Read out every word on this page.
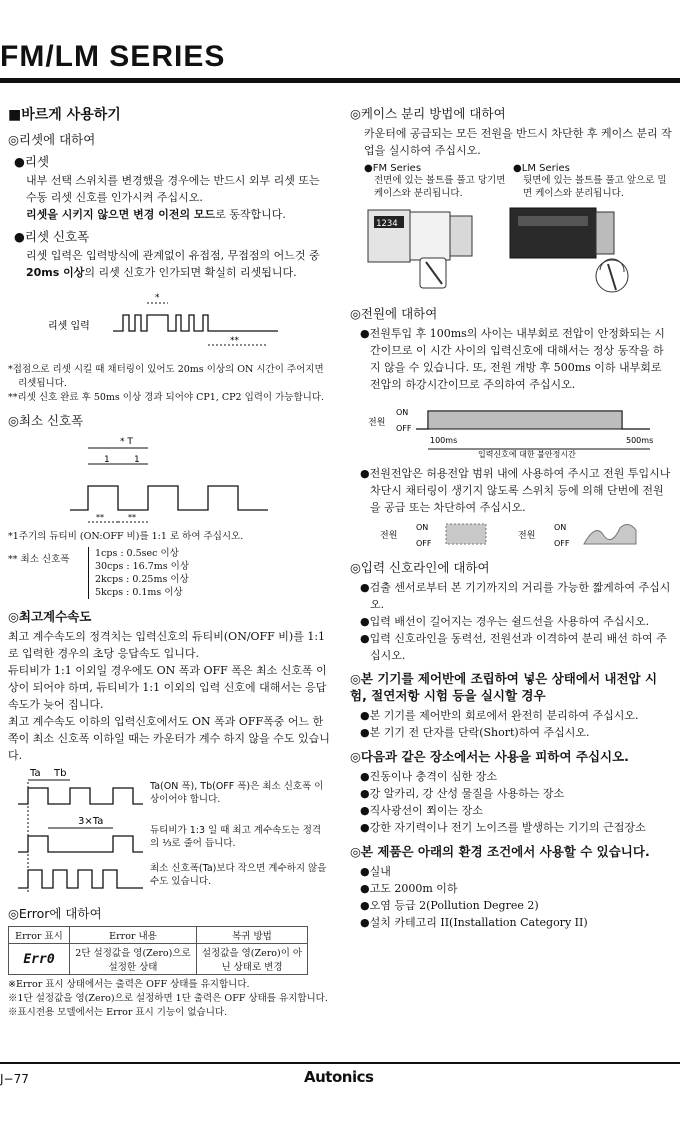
FM/LM SERIES
■바르게 사용하기
◎리셋에 대하여
●리셋
내부 선택 스위치를 변경했을 경우에는 반드시 외부 리셋 또는 수동 리셋 신호를 인가시켜 주십시오.
리셋을 시키지 않으면 변경 이전의 모드로 동작합니다.
●리셋 신호폭
리셋 입력은 입력방식에 관계없이 유접점, 무접점의 어느것 중 20ms 이상의 리셋 신호가 인가되면 확실히 리셋됩니다.
리셋 입력
*
**
*접점으로 리셋 시킬 때 채터링이 있어도 20ms 이상의 ON 시간이 주어지면 리셋됩니다.
**리셋 신호 완료 후 50ms 이상 경과 되어야 CP1, CP2 입력이 가능합니다.
◎최소 신호폭
* T
1	1
**	**
*1주기의 듀티비 (ON:OFF 비)를 1:1 로 하여 주십시오.
** 최소 신호폭
1cps : 0.5sec 이상
30cps : 16.7ms 이상
2kcps : 0.25ms 이상
5kcps : 0.1ms 이상
◎최고계수속도
최고 계수속도의 정격치는 입력신호의 듀티비(ON/OFF 비)를 1:1로 입력한 경우의 초당 응답속도 입니다.
듀티비가 1:1 이외일 경우에도 ON 폭과 OFF 폭은 최소 신호폭 이상이 되어야 하며, 듀티비가 1:1 이외의 입력 신호에 대해서는 응답속도가 늦어 집니다.
최고 계수속도 이하의 입력신호에서도 ON 폭과 OFF폭중 어느 한쪽이 최소 신호폭 이하일 때는 카운터가 계수 하지 않을 수도 있습니다.
Ta Tb
3×Ta
Ta(ON 폭), Tb(OFF 폭)은 최소 신호폭 이상이어야 합니다.
듀티비가 1:3 일 때 최고 계수속도는 정격의 ⅓로 줄어 듭니다.
최소 신호폭(Ta)보다 작으면 계수하지 않을 수도 있습니다.
◎Error에 대하여
Error 표시	Error 내용	복귀 방법
Err0	2단 설정값을 영(Zero)으로 설정한 상태	설정값을 영(Zero)이 아닌 상태로 변경
※Error 표시 상태에서는 출력은 OFF 상태를 유지합니다.
※1단 설정값을 영(Zero)으로 설정하면 1단 출력은 OFF 상태를 유지합니다.
※표시전용 모델에서는 Error 표시 기능이 없습니다.
◎케이스 분리 방법에 대하여
카운터에 공급되는 모든 전원을 반드시 차단한 후 케이스 분리 작업을 실시하여 주십시오.
●FM Series
전면에 있는 볼트를 풀고 당기면 케이스와 분리됩니다.
●LM Series
뒷면에 있는 볼트를 풀고 앞으로 밀면 케이스와 분리됩니다.
1234
◎전원에 대하여
●전원투입 후 100ms의 사이는 내부회로 전압이 안정화되는 시간이므로 이 시간 사이의 입력신호에 대해서는 정상 동작을 하지 않을 수 있습니다. 또, 전원 개방 후 500ms 이하 내부회로 전압의 하강시간이므로 주의하여 주십시오.
전원
ON
OFF
100ms	500ms
입력신호에 대한 불안정시간
●전원전압은 허용전압 범위 내에 사용하여 주시고 전원 투입시나 차단시 채터링이 생기지 않도록 스위치 등에 의해 단번에 전원을 공급 또는 차단하여 주십시오.
전원
ON
OFF
전원
ON
OFF
◎입력 신호라인에 대하여
●검출 센서로부터 본 기기까지의 거리를 가능한 짧게하여 주십시오.
●입력 배선이 길어지는 경우는 쉴드선을 사용하여 주십시오.
●입력 신호라인을 동력선, 전원선과 이격하여 분리 배선 하여 주십시오.
◎본 기기를 제어반에 조립하여 넣은 상태에서 내전압 시험, 절연저항 시험 등을 실시할 경우
●본 기기를 제어반의 회로에서 완전히 분리하여 주십시오.
●본 기기 전 단자를 단락(Short)하여 주십시오.
◎다음과 같은 장소에서는 사용을 피하여 주십시오.
●진동이나 충격이 심한 장소
●강 알카리, 강 산성 물질을 사용하는 장소
●직사광선이 쬐이는 장소
●강한 자기력이나 전기 노이즈를 발생하는 기기의 근접장소
◎본 제품은 아래의 환경 조건에서 사용할 수 있습니다.
●실내
●고도 2000m 이하
●오염 등급 2(Pollution Degree 2)
●설치 카테고리 II(Installation Category II)
J−77	Autonics
